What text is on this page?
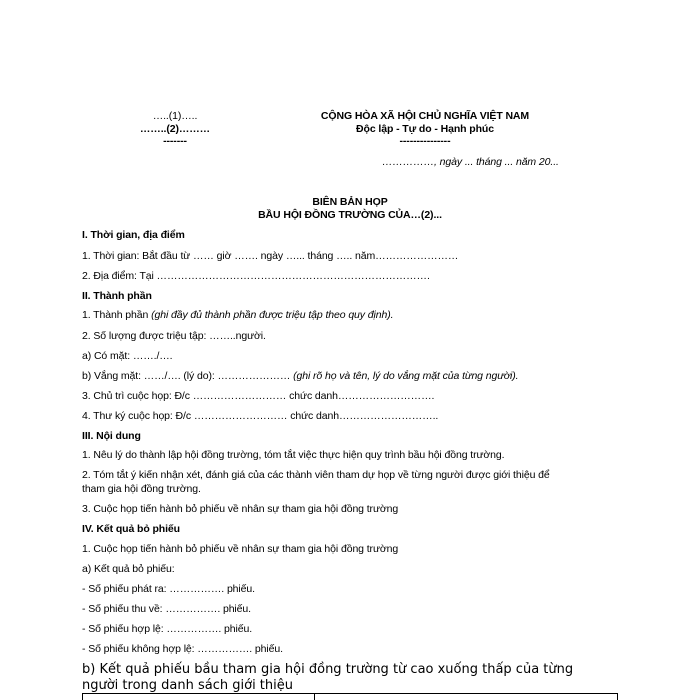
…..(1)…..
……..(2)………
-------
CỘNG HÒA XÃ HỘI CHỦ NGHĨA VIỆT NAM
Độc lập - Tự do - Hạnh phúc
---------------
……………, ngày ... tháng ... năm 20...
BIÊN BẢN HỌP
BẦU HỘI ĐỒNG TRƯỜNG CỦA…(2)...
I. Thời gian, địa điểm
1. Thời gian: Bắt đầu từ …… giờ ……. ngày …... tháng ….. năm……………………
2. Địa điểm: Tại …………………………………………………………………….
II. Thành phần
1. Thành phần (ghi đầy đủ thành phần được triệu tập theo quy định).
2. Số lượng được triệu tập: ……..người.
a) Có mặt: ……./….
b) Vắng mặt: ……/…. (lý do): ………………… (ghi rõ họ và tên, lý do vắng mặt của từng người).
3. Chủ trì cuộc họp: Đ/c ……………………… chức danh……………………….
4. Thư ký cuộc họp: Đ/c ……………………… chức danh………………………..
III. Nội dung
1. Nêu lý do thành lập hội đồng trường, tóm tắt việc thực hiện quy trình bầu hội đồng trường.
2. Tóm tắt ý kiến nhận xét, đánh giá của các thành viên tham dự họp về từng người được giới thiệu để
tham gia hội đồng trường.
3. Cuộc họp tiến hành bỏ phiếu về nhân sự tham gia hội đồng trường
IV. Kết quả bỏ phiếu
1. Cuộc họp tiến hành bỏ phiếu về nhân sự tham gia hội đồng trường
a) Kết quả bỏ phiếu:
- Số phiếu phát ra: ……………. phiếu.
- Số phiếu thu về: ……………. phiếu.
- Số phiếu hợp lệ: ……………. phiếu.
- Số phiếu không hợp lệ: ……………. phiếu.
b) Kết quả phiếu bầu tham gia hội đồng trường từ cao xuống thấp của từng
người trong danh sách giới thiệu
